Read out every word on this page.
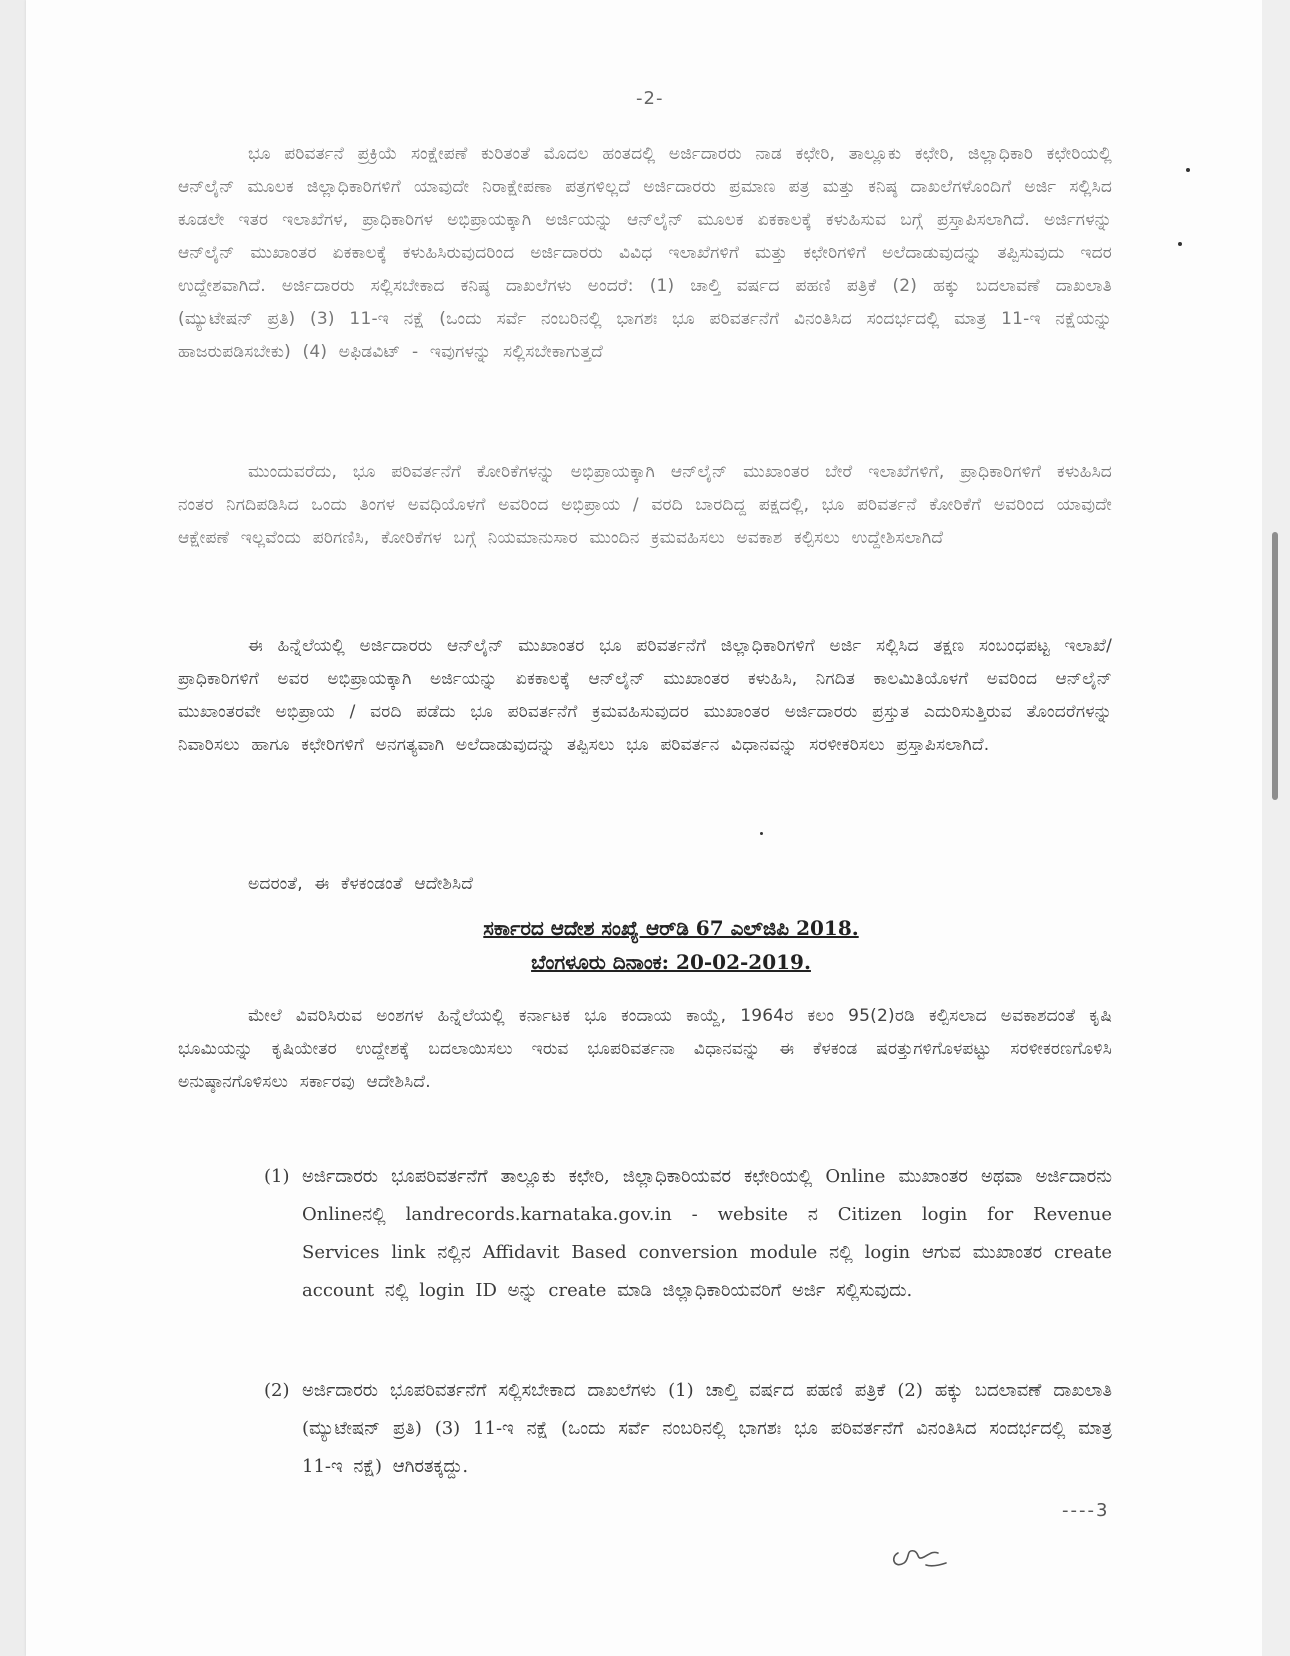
-2-
ಭೂ ಪರಿವರ್ತನೆ ಪ್ರಕ್ರಿಯೆ ಸಂಕ್ಷೇಪಣೆ ಕುರಿತಂತೆ ಮೊದಲ ಹಂತದಲ್ಲಿ ಅರ್ಜಿದಾರರು ನಾಡ ಕಛೇರಿ, ತಾಲ್ಲೂಕು ಕಛೇರಿ, ಜಿಲ್ಲಾಧಿಕಾರಿ ಕಛೇರಿಯಲ್ಲಿ ಆನ್‌ಲೈನ್ ಮೂಲಕ ಜಿಲ್ಲಾಧಿಕಾರಿಗಳಿಗೆ ಯಾವುದೇ ನಿರಾಕ್ಷೇಪಣಾ ಪತ್ರಗಳಿಲ್ಲದೆ ಅರ್ಜಿದಾರರು ಪ್ರಮಾಣ ಪತ್ರ ಮತ್ತು ಕನಿಷ್ಠ ದಾಖಲೆಗಳೊಂದಿಗೆ ಅರ್ಜಿ ಸಲ್ಲಿಸಿದ ಕೂಡಲೇ ಇತರ ಇಲಾಖೆಗಳ, ಪ್ರಾಧಿಕಾರಿಗಳ ಅಭಿಪ್ರಾಯಕ್ಕಾಗಿ ಅರ್ಜಿಯನ್ನು ಆನ್‌ಲೈನ್ ಮೂಲಕ ಏಕಕಾಲಕ್ಕೆ ಕಳುಹಿಸುವ ಬಗ್ಗೆ ಪ್ರಸ್ತಾಪಿಸಲಾಗಿದೆ. ಅರ್ಜಿಗಳನ್ನು ಆನ್‌ಲೈನ್ ಮುಖಾಂತರ ಏಕಕಾಲಕ್ಕೆ ಕಳುಹಿಸಿರುವುದರಿಂದ ಅರ್ಜಿದಾರರು ವಿವಿಧ ಇಲಾಖೆಗಳಿಗೆ ಮತ್ತು ಕಛೇರಿಗಳಿಗೆ ಅಲೆದಾಡುವುದನ್ನು ತಪ್ಪಿಸುವುದು ಇದರ ಉದ್ದೇಶವಾಗಿದೆ. ಅರ್ಜಿದಾರರು ಸಲ್ಲಿಸಬೇಕಾದ ಕನಿಷ್ಠ ದಾಖಲೆಗಳು ಅಂದರೆ: (1) ಚಾಲ್ತಿ ವರ್ಷದ ಪಹಣಿ ಪತ್ರಿಕೆ (2) ಹಕ್ಕು ಬದಲಾವಣೆ ದಾಖಲಾತಿ (ಮ್ಯುಟೇಷನ್ ಪ್ರತಿ) (3) 11-ಇ ನಕ್ಷೆ (ಒಂದು ಸರ್ವೆ ನಂಬರಿನಲ್ಲಿ ಭಾಗಶಃ ಭೂ ಪರಿವರ್ತನೆಗೆ ವಿನಂತಿಸಿದ ಸಂದರ್ಭದಲ್ಲಿ ಮಾತ್ರ 11-ಇ ನಕ್ಷೆಯನ್ನು ಹಾಜರುಪಡಿಸಬೇಕು) (4) ಅಫಿಡವಿಟ್ - ಇವುಗಳನ್ನು ಸಲ್ಲಿಸಬೇಕಾಗುತ್ತದೆ
ಮುಂದುವರೆದು, ಭೂ ಪರಿವರ್ತನೆಗೆ ಕೋರಿಕೆಗಳನ್ನು ಅಭಿಪ್ರಾಯಕ್ಕಾಗಿ ಆನ್‌ಲೈನ್ ಮುಖಾಂತರ ಬೇರೆ ಇಲಾಖೆಗಳಿಗೆ, ಪ್ರಾಧಿಕಾರಿಗಳಿಗೆ ಕಳುಹಿಸಿದ ನಂತರ ನಿಗದಿಪಡಿಸಿದ ಒಂದು ತಿಂಗಳ ಅವಧಿಯೊಳಗೆ ಅವರಿಂದ ಅಭಿಪ್ರಾಯ / ವರದಿ ಬಾರದಿದ್ದ ಪಕ್ಷದಲ್ಲಿ, ಭೂ ಪರಿವರ್ತನೆ ಕೋರಿಕೆಗೆ ಅವರಿಂದ ಯಾವುದೇ ಆಕ್ಷೇಪಣೆ ಇಲ್ಲವೆಂದು ಪರಿಗಣಿಸಿ, ಕೋರಿಕೆಗಳ ಬಗ್ಗೆ ನಿಯಮಾನುಸಾರ ಮುಂದಿನ ಕ್ರಮವಹಿಸಲು ಅವಕಾಶ ಕಲ್ಪಿಸಲು ಉದ್ದೇಶಿಸಲಾಗಿದೆ
ಈ ಹಿನ್ನೆಲೆಯಲ್ಲಿ ಅರ್ಜಿದಾರರು ಆನ್‌ಲೈನ್ ಮುಖಾಂತರ ಭೂ ಪರಿವರ್ತನೆಗೆ ಜಿಲ್ಲಾಧಿಕಾರಿಗಳಿಗೆ ಅರ್ಜಿ ಸಲ್ಲಿಸಿದ ತಕ್ಷಣ ಸಂಬಂಧಪಟ್ಟ ಇಲಾಖೆ/ಪ್ರಾಧಿಕಾರಿಗಳಿಗೆ ಅವರ ಅಭಿಪ್ರಾಯಕ್ಕಾಗಿ ಅರ್ಜಿಯನ್ನು ಏಕಕಾಲಕ್ಕೆ ಆನ್‌ಲೈನ್ ಮುಖಾಂತರ ಕಳುಹಿಸಿ, ನಿಗದಿತ ಕಾಲಮಿತಿಯೊಳಗೆ ಅವರಿಂದ ಆನ್‌ಲೈನ್ ಮುಖಾಂತರವೇ ಅಭಿಪ್ರಾಯ / ವರದಿ ಪಡೆದು ಭೂ ಪರಿವರ್ತನೆಗೆ ಕ್ರಮವಹಿಸುವುದರ ಮುಖಾಂತರ ಅರ್ಜಿದಾರರು ಪ್ರಸ್ತುತ ಎದುರಿಸುತ್ತಿರುವ ತೊಂದರೆಗಳನ್ನು ನಿವಾರಿಸಲು ಹಾಗೂ ಕಛೇರಿಗಳಿಗೆ ಅನಗತ್ಯವಾಗಿ ಅಲೆದಾಡುವುದನ್ನು ತಪ್ಪಿಸಲು ಭೂ ಪರಿವರ್ತನ ವಿಧಾನವನ್ನು ಸರಳೀಕರಿಸಲು ಪ್ರಸ್ತಾಪಿಸಲಾಗಿದೆ.
ಅದರಂತೆ, ಈ ಕೆಳಕಂಡಂತೆ ಆದೇಶಿಸಿದೆ
ಸರ್ಕಾರದ ಆದೇಶ ಸಂಖ್ಯೆ ಆರ್‌ಡಿ 67 ಎಲ್‌ಜಿಪಿ 2018.
ಬೆಂಗಳೂರು ದಿನಾಂಕ: 20-02-2019.
ಮೇಲೆ ವಿವರಿಸಿರುವ ಅಂಶಗಳ ಹಿನ್ನೆಲೆಯಲ್ಲಿ ಕರ್ನಾಟಕ ಭೂ ಕಂದಾಯ ಕಾಯ್ದೆ, 1964ರ ಕಲಂ 95(2)ರಡಿ ಕಲ್ಪಿಸಲಾದ ಅವಕಾಶದಂತೆ ಕೃಷಿ ಭೂಮಿಯನ್ನು ಕೃಷಿಯೇತರ ಉದ್ದೇಶಕ್ಕೆ ಬದಲಾಯಿಸಲು ಇರುವ ಭೂಪರಿವರ್ತನಾ ವಿಧಾನವನ್ನು ಈ ಕೆಳಕಂಡ ಷರತ್ತುಗಳಿಗೊಳಪಟ್ಟು ಸರಳೀಕರಣಗೊಳಿಸಿ ಅನುಷ್ಠಾನಗೊಳಿಸಲು ಸರ್ಕಾರವು ಆದೇಶಿಸಿದೆ.
(1) ಅರ್ಜಿದಾರರು ಭೂಪರಿವರ್ತನೆಗೆ ತಾಲ್ಲೂಕು ಕಛೇರಿ, ಜಿಲ್ಲಾಧಿಕಾರಿಯವರ ಕಛೇರಿಯಲ್ಲಿ Online ಮುಖಾಂತರ ಅಥವಾ ಅರ್ಜಿದಾರನು Onlineನಲ್ಲಿ landrecords.karnataka.gov.in - website ನ Citizen login for Revenue Services link ನಲ್ಲಿನ Affidavit Based conversion module ನಲ್ಲಿ login ಆಗುವ ಮುಖಾಂತರ create account ನಲ್ಲಿ login ID ಅನ್ನು create ಮಾಡಿ ಜಿಲ್ಲಾಧಿಕಾರಿಯವರಿಗೆ ಅರ್ಜಿ ಸಲ್ಲಿಸುವುದು.
(2) ಅರ್ಜಿದಾರರು ಭೂಪರಿವರ್ತನೆಗೆ ಸಲ್ಲಿಸಬೇಕಾದ ದಾಖಲೆಗಳು (1) ಚಾಲ್ತಿ ವರ್ಷದ ಪಹಣಿ ಪತ್ರಿಕೆ (2) ಹಕ್ಕು ಬದಲಾವಣೆ ದಾಖಲಾತಿ (ಮ್ಯುಟೇಷನ್ ಪ್ರತಿ) (3) 11-ಇ ನಕ್ಷೆ (ಒಂದು ಸರ್ವೆ ನಂಬರಿನಲ್ಲಿ ಭಾಗಶಃ ಭೂ ಪರಿವರ್ತನೆಗೆ ವಿನಂತಿಸಿದ ಸಂದರ್ಭದಲ್ಲಿ ಮಾತ್ರ 11-ಇ ನಕ್ಷೆ) ಆಗಿರತಕ್ಕದ್ದು.
----3
